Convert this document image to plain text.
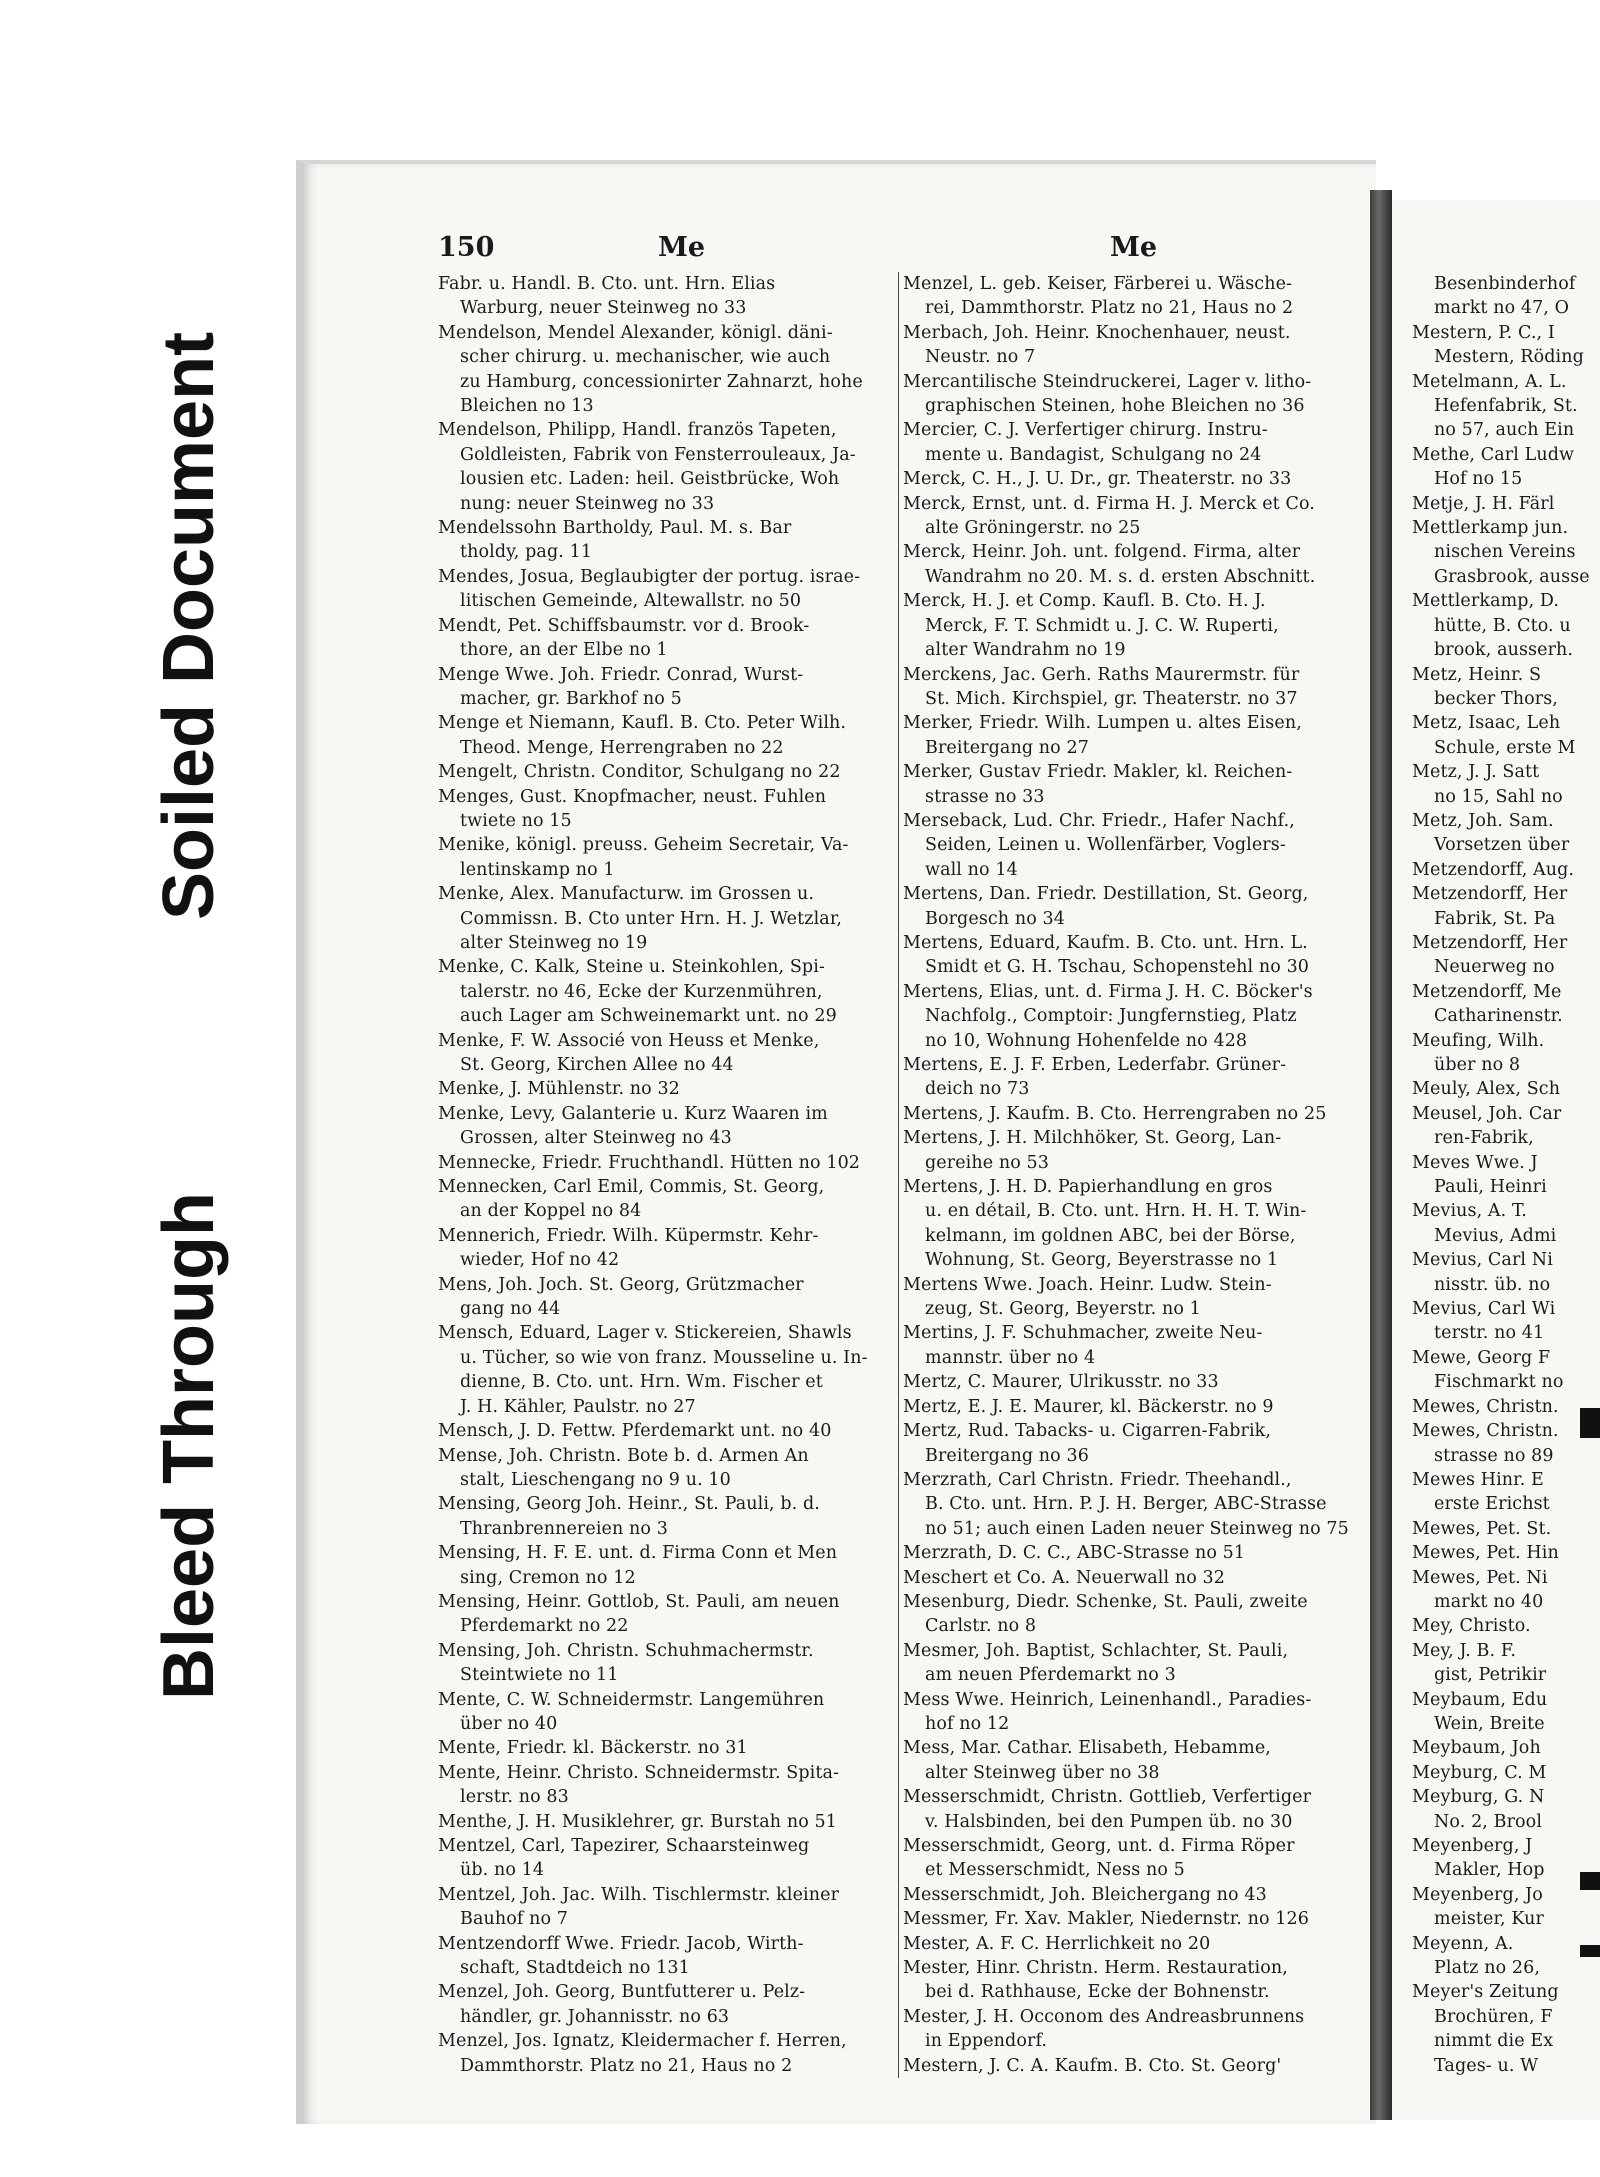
Soiled Document
Bleed Through
150	Me	Me

Fabr. u. Handl. B. Cto. unt. Hrn. Elias

Warburg, neuer Steinweg no 33

Mendelson, Mendel Alexander, königl. däni-

scher chirurg. u. mechanischer, wie auch

zu Hamburg, concessionirter Zahnarzt, hohe

Bleichen no 13

Mendelson, Philipp, Handl. französ Tapeten,

Goldleisten, Fabrik von Fensterrouleaux, Ja-

lousien etc. Laden: heil. Geistbrücke, Woh

nung: neuer Steinweg no 33

Mendelssohn Bartholdy, Paul. M. s. Bar

tholdy, pag. 11

Mendes, Josua, Beglaubigter der portug. israe-

litischen Gemeinde, Altewallstr. no 50

Mendt, Pet. Schiffsbaumstr. vor d. Brook-

thore, an der Elbe no 1

Menge Wwe. Joh. Friedr. Conrad, Wurst-

macher, gr. Barkhof no 5

Menge et Niemann, Kaufl. B. Cto. Peter Wilh.

Theod. Menge, Herrengraben no 22

Mengelt, Christn. Conditor, Schulgang no 22

Menges, Gust. Knopfmacher, neust. Fuhlen

twiete no 15

Menike, königl. preuss. Geheim Secretair, Va-

lentinskamp no 1

Menke, Alex. Manufacturw. im Grossen u.

Commissn. B. Cto unter Hrn. H. J. Wetzlar,

alter Steinweg no 19

Menke, C. Kalk, Steine u. Steinkohlen, Spi-

talerstr. no 46, Ecke der Kurzenmühren,

auch Lager am Schweinemarkt unt. no 29

Menke, F. W. Associé von Heuss et Menke,

St. Georg, Kirchen Allee no 44

Menke, J. Mühlenstr. no 32

Menke, Levy, Galanterie u. Kurz Waaren im

Grossen, alter Steinweg no 43

Mennecke, Friedr. Fruchthandl. Hütten no 102

Mennecken, Carl Emil, Commis, St. Georg,

an der Koppel no 84

Mennerich, Friedr. Wilh. Küpermstr. Kehr-

wieder, Hof no 42

Mens, Joh. Joch. St. Georg, Grützmacher

gang no 44

Mensch, Eduard, Lager v. Stickereien, Shawls

u. Tücher, so wie von franz. Mousseline u. In-

dienne, B. Cto. unt. Hrn. Wm. Fischer et

J. H. Kähler, Paulstr. no 27

Mensch, J. D. Fettw. Pferdemarkt unt. no 40

Mense, Joh. Christn. Bote b. d. Armen An

stalt, Lieschengang no 9 u. 10

Mensing, Georg Joh. Heinr., St. Pauli, b. d.

Thranbrennereien no 3

Mensing, H. F. E. unt. d. Firma Conn et Men

sing, Cremon no 12

Mensing, Heinr. Gottlob, St. Pauli, am neuen

Pferdemarkt no 22

Mensing, Joh. Christn. Schuhmachermstr.

Steintwiete no 11

Mente, C. W. Schneidermstr. Langemühren

über no 40

Mente, Friedr. kl. Bäckerstr. no 31

Mente, Heinr. Christo. Schneidermstr. Spita-

lerstr. no 83

Menthe, J. H. Musiklehrer, gr. Burstah no 51

Mentzel, Carl, Tapezirer, Schaarsteinweg

üb. no 14

Mentzel, Joh. Jac. Wilh. Tischlermstr. kleiner

Bauhof no 7

Mentzendorff Wwe. Friedr. Jacob, Wirth-

schaft, Stadtdeich no 131

Menzel, Joh. Georg, Buntfutterer u. Pelz-

händler, gr. Johannisstr. no 63

Menzel, Jos. Ignatz, Kleidermacher f. Herren,

Dammthorstr. Platz no 21, Haus no 2

Menzel, L. geb. Keiser, Färberei u. Wäsche-

rei, Dammthorstr. Platz no 21, Haus no 2

Merbach, Joh. Heinr. Knochenhauer, neust.

Neustr. no 7

Mercantilische Steindruckerei, Lager v. litho-

graphischen Steinen, hohe Bleichen no 36

Mercier, C. J. Verfertiger chirurg. Instru-

mente u. Bandagist, Schulgang no 24

Merck, C. H., J. U. Dr., gr. Theaterstr. no 33

Merck, Ernst, unt. d. Firma H. J. Merck et Co.

alte Gröningerstr. no 25

Merck, Heinr. Joh. unt. folgend. Firma, alter

Wandrahm no 20. M. s. d. ersten Abschnitt.

Merck, H. J. et Comp. Kaufl. B. Cto. H. J.

Merck, F. T. Schmidt u. J. C. W. Ruperti,

alter Wandrahm no 19

Merckens, Jac. Gerh. Raths Maurermstr. für

St. Mich. Kirchspiel, gr. Theaterstr. no 37

Merker, Friedr. Wilh. Lumpen u. altes Eisen,

Breitergang no 27

Merker, Gustav Friedr. Makler, kl. Reichen-

strasse no 33

Merseback, Lud. Chr. Friedr., Hafer Nachf.,

Seiden, Leinen u. Wollenfärber, Voglers-

wall no 14

Mertens, Dan. Friedr. Destillation, St. Georg,

Borgesch no 34

Mertens, Eduard, Kaufm. B. Cto. unt. Hrn. L.

Smidt et G. H. Tschau, Schopenstehl no 30

Mertens, Elias, unt. d. Firma J. H. C. Böcker's

Nachfolg., Comptoir: Jungfernstieg, Platz

no 10, Wohnung Hohenfelde no 428

Mertens, E. J. F. Erben, Lederfabr. Grüner-

deich no 73

Mertens, J. Kaufm. B. Cto. Herrengraben no 25

Mertens, J. H. Milchhöker, St. Georg, Lan-

gereihe no 53

Mertens, J. H. D. Papierhandlung en gros

u. en détail, B. Cto. unt. Hrn. H. H. T. Win-

kelmann, im goldnen ABC, bei der Börse,

Wohnung, St. Georg, Beyerstrasse no 1

Mertens Wwe. Joach. Heinr. Ludw. Stein-

zeug, St. Georg, Beyerstr. no 1

Mertins, J. F. Schuhmacher, zweite Neu-

mannstr. über no 4

Mertz, C. Maurer, Ulrikusstr. no 33

Mertz, E. J. E. Maurer, kl. Bäckerstr. no 9

Mertz, Rud. Tabacks- u. Cigarren-Fabrik,

Breitergang no 36

Merzrath, Carl Christn. Friedr. Theehandl.,

B. Cto. unt. Hrn. P. J. H. Berger, ABC-Strasse

no 51; auch einen Laden neuer Steinweg no 75

Merzrath, D. C. C., ABC-Strasse no 51

Meschert et Co. A. Neuerwall no 32

Mesenburg, Diedr. Schenke, St. Pauli, zweite

Carlstr. no 8

Mesmer, Joh. Baptist, Schlachter, St. Pauli,

am neuen Pferdemarkt no 3

Mess Wwe. Heinrich, Leinenhandl., Paradies-

hof no 12

Mess, Mar. Cathar. Elisabeth, Hebamme,

alter Steinweg über no 38

Messerschmidt, Christn. Gottlieb, Verfertiger

v. Halsbinden, bei den Pumpen üb. no 30

Messerschmidt, Georg, unt. d. Firma Röper

et Messerschmidt, Ness no 5

Messerschmidt, Joh. Bleichergang no 43

Messmer, Fr. Xav. Makler, Niedernstr. no 126

Mester, A. F. C. Herrlichkeit no 20

Mester, Hinr. Christn. Herm. Restauration,

bei d. Rathhause, Ecke der Bohnenstr.

Mester, J. H. Occonom des Andreasbrunnens

in Eppendorf.

Mestern, J. C. A. Kaufm. B. Cto. St. Georg'

Besenbinderhof

markt no 47, O

Mestern, P. C., I

Mestern, Röding

Metelmann, A. L.

Hefenfabrik, St.

no 57, auch Ein

Methe, Carl Ludw

Hof no 15

Metje, J. H. Färl

Mettlerkamp jun.

nischen Vereins

Grasbrook, ausse

Mettlerkamp, D.

hütte, B. Cto. u

brook, ausserh.

Metz, Heinr. S

becker Thors,

Metz, Isaac, Leh

Schule, erste M

Metz, J. J. Satt

no 15, Sahl no

Metz, Joh. Sam.

Vorsetzen über

Metzendorff, Aug.

Metzendorff, Her

Fabrik, St. Pa

Metzendorff, Her

Neuerweg no

Metzendorff, Me

Catharinenstr.

Meufing, Wilh.

über no 8

Meuly, Alex, Sch

Meusel, Joh. Car

ren-Fabrik,

Meves Wwe. J

Pauli, Heinri

Mevius, A. T.

Mevius, Admi

Mevius, Carl Ni

nisstr. üb. no

Mevius, Carl Wi

terstr. no 41

Mewe, Georg F

Fischmarkt no

Mewes, Christn.

Mewes, Christn.

strasse no 89

Mewes Hinr. E

erste Erichst

Mewes, Pet. St.

Mewes, Pet. Hin

Mewes, Pet. Ni

markt no 40

Mey, Christo.

Mey, J. B. F.

gist, Petrikir

Meybaum, Edu

Wein, Breite

Meybaum, Joh

Meyburg, C. M

Meyburg, G. N

No. 2, Brool

Meyenberg, J

Makler, Hop

Meyenberg, Jo

meister, Kur

Meyenn, A.

Platz no 26,

Meyer's Zeitung

Brochüren, F

nimmt die Ex

Tages- u. W
